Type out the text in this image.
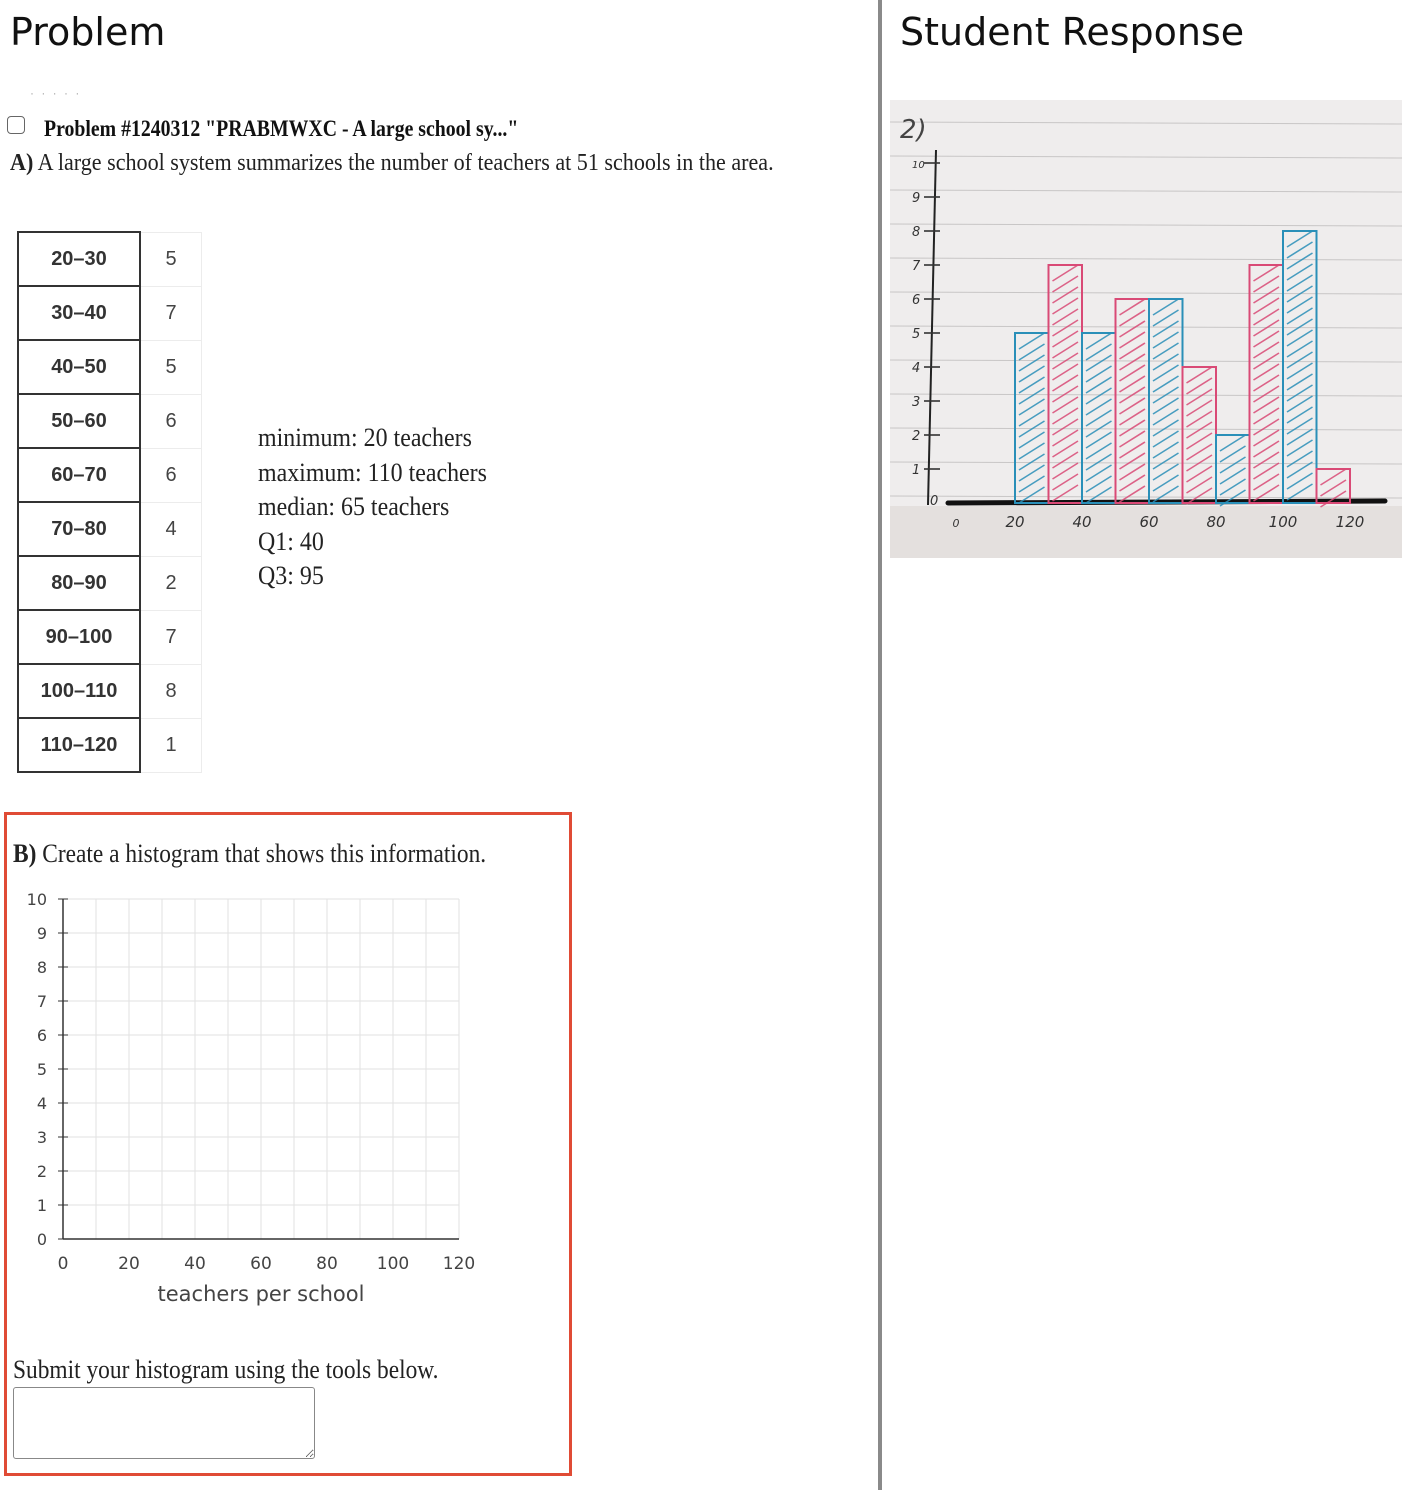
Problem
· · · · ·
Problem #1240312 "PRABMWXC - A large school sy..."
A) A large school system summarizes the number of teachers at 51 schools in the area.
20–30	5
30–40	7
40–50	5
50–60	6
60–70	6
70–80	4
80–90	2
90–100	7
100–110	8
110–120	1
minimum: 20 teachers
maximum: 110 teachers
median: 65 teachers
Q1: 40
Q3: 95
B) Create a histogram that shows this information.
0
1
2
3
4
5
6
7
8
9
10
0	20	40	60	80 100 120
teachers per school
Submit your histogram using the tools below.
Student Response
0
1
2
3
4
5
6
7
8
9
10
0	20	40	60	80	100	120
2)
